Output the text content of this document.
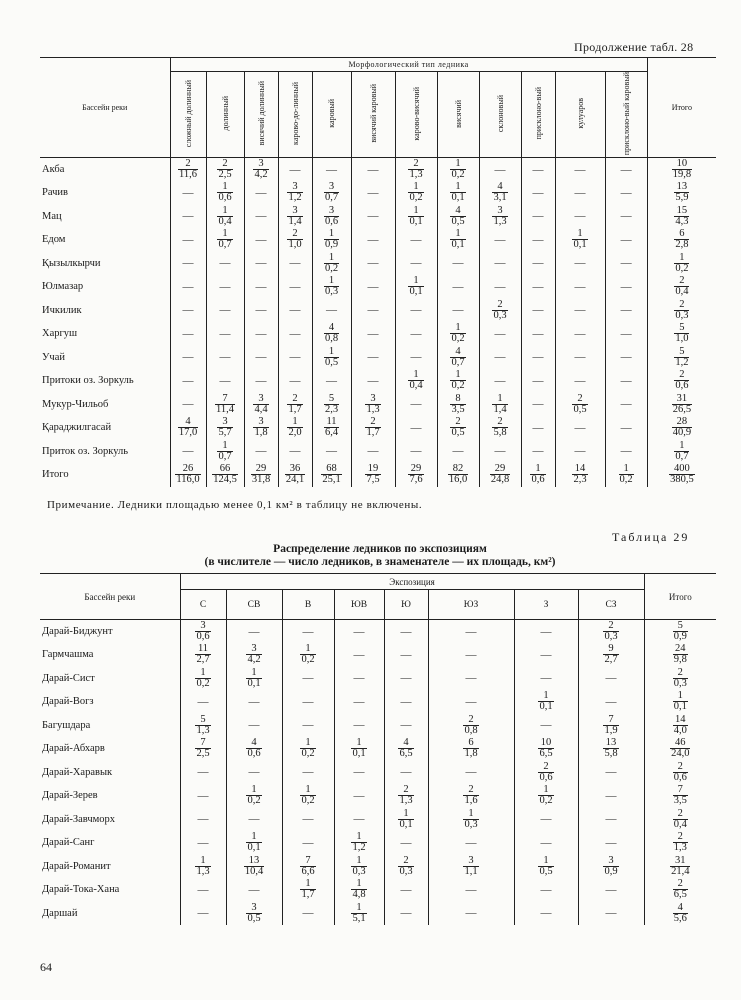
Продолжение табл. 28
Бассейн реки	Морфологический тип ледника												Итого
	сложный долинный	долинный	висячий долинный	карово-до-линный	каровый	висячий каровый	карово-висячий	висячий	склоновый	присклоно-вый	кулуаров	присклоно-вый каровый	
Акба	$\frac{2}{11,6}$	$\frac{2}{2,5}$	$\frac{3}{4,2}$	—	—	—	$\frac{2}{1,3}$	$\frac{1}{0,2}$	—	—	—	—	$\frac{10}{19,8}$

Рачив	—	$\frac{1}{0,6}$	—	$\frac{3}{1,2}$	$\frac{3}{0,7}$	—	$\frac{1}{0,2}$	$\frac{1}{0,1}$	$\frac{4}{3,1}$	—	—	—	$\frac{13}{5,9}$

Мац	—	$\frac{1}{0,4}$	—	$\frac{3}{1,4}$	$\frac{3}{0,6}$	—	$\frac{1}{0,1}$	$\frac{4}{0,5}$	$\frac{3}{1,3}$	—	—	—	$\frac{15}{4,3}$

Едом	—	$\frac{1}{0,7}$	—	$\frac{2}{1,0}$	$\frac{1}{0,9}$	—	—	$\frac{1}{0,1}$	—	—	$\frac{1}{0,1}$	—	$\frac{6}{2,8}$

Қызылкырчи	—	—	—	—	$\frac{1}{0,2}$	—	—	—	—	—	—	—	$\frac{1}{0,2}$

Юлмазар	—	—	—	—	$\frac{1}{0,3}$	—	$\frac{1}{0,1}$	—	—	—	—	—	$\frac{2}{0,4}$

Ичкилик	—	—	—	—	—	—	—	—	$\frac{2}{0,3}$	—	—	—	$\frac{2}{0,3}$

Харгуш	—	—	—	—	$\frac{4}{0,8}$	—	—	$\frac{1}{0,2}$	—	—	—	—	$\frac{5}{1,0}$

Учай	—	—	—	—	$\frac{1}{0,5}$	—	—	$\frac{4}{0,7}$	—	—	—	—	$\frac{5}{1,2}$

Притоки оз. Зоркуль	—	—	—	—	—	—	$\frac{1}{0,4}$	$\frac{1}{0,2}$	—	—	—	—	$\frac{2}{0,6}$

Мукур-Чильоб	—	$\frac{7}{11,4}$	$\frac{3}{4,4}$	$\frac{2}{1,7}$	$\frac{5}{2,3}$	$\frac{3}{1,3}$	—	$\frac{8}{3,5}$	$\frac{1}{1,4}$	—	$\frac{2}{0,5}$	—	$\frac{31}{26,5}$

Қараджилгасай	$\frac{4}{17,0}$	$\frac{3}{5,7}$	$\frac{3}{1,8}$	$\frac{1}{2,0}$	$\frac{11}{6,4}$	$\frac{2}{1,7}$	—	$\frac{2}{0,5}$	$\frac{2}{5,8}$	—	—	—	$\frac{28}{40,9}$

Приток оз. Зоркуль	—	$\frac{1}{0,7}$	—	—	—	—	—	—	—	—	—	—	$\frac{1}{0,7}$

Итого	$\frac{26}{116,0}$	$\frac{66}{124,5}$	$\frac{29}{31,8}$	$\frac{36}{24,1}$	$\frac{68}{25,1}$	$\frac{19}{7,5}$	$\frac{29}{7,6}$	$\frac{82}{16,0}$	$\frac{29}{24,8}$	$\frac{1}{0,6}$	$\frac{14}{2,3}$	$\frac{1}{0,2}$	$\frac{400}{380,5}$
Примечание. Ледники площадью менее 0,1 км² в таблицу не включены.
Таблица 29
Распределение ледников по экспозициям
(в числителе — число ледников, в знаменателе — их площадь, км²)
Бассейн реки	Экспозиция								Итого
	С	СВ	В	ЮВ	Ю	ЮЗ	З	СЗ	
Дарай-Биджунт	$\frac{3}{0,6}$	—	—	—	—	—	—	$\frac{2}{0,3}$	$\frac{5}{0,9}$

Гармчашма	$\frac{11}{2,7}$	$\frac{3}{4,2}$	$\frac{1}{0,2}$	—	—	—	—	$\frac{9}{2,7}$	$\frac{24}{9,8}$

Дарай-Сист	$\frac{1}{0,2}$	$\frac{1}{0,1}$	—	—	—	—	—	—	$\frac{2}{0,3}$

Дарай-Вогз	—	—	—	—	—	—	$\frac{1}{0,1}$	—	$\frac{1}{0,1}$

Багушдара	$\frac{5}{1,3}$	—	—	—	—	$\frac{2}{0,8}$	—	$\frac{7}{1,9}$	$\frac{14}{4,0}$

Дарай-Абхарв	$\frac{7}{2,5}$	$\frac{4}{0,6}$	$\frac{1}{0,2}$	$\frac{1}{0,1}$	$\frac{4}{6,5}$	$\frac{6}{1,8}$	$\frac{10}{6,5}$	$\frac{13}{5,8}$	$\frac{46}{24,0}$

Дарай-Харавык	—	—	—	—	—	—	$\frac{2}{0,6}$	—	$\frac{2}{0,6}$

Дарай-Зерев	—	$\frac{1}{0,2}$	$\frac{1}{0,2}$	—	$\frac{2}{1,3}$	$\frac{2}{1,6}$	$\frac{1}{0,2}$	—	$\frac{7}{3,5}$

Дарай-Завчморх	—	—	—	—	$\frac{1}{0,1}$	$\frac{1}{0,3}$	—	—	$\frac{2}{0,4}$

Дарай-Санг	—	$\frac{1}{0,1}$	—	$\frac{1}{1,2}$	—	—	—	—	$\frac{2}{1,3}$

Дарай-Романит	$\frac{1}{1,3}$	$\frac{13}{10,4}$	$\frac{7}{6,6}$	$\frac{1}{0,3}$	$\frac{2}{0,3}$	$\frac{3}{1,1}$	$\frac{1}{0,5}$	$\frac{3}{0,9}$	$\frac{31}{21,4}$

Дарай-Тока-Хана	—	—	$\frac{1}{1,7}$	$\frac{1}{4,8}$	—	—	—	—	$\frac{2}{6,5}$

Даршай	—	$\frac{3}{0,5}$	—	$\frac{1}{5,1}$	—	—	—	—	$\frac{4}{5,6}$
64
